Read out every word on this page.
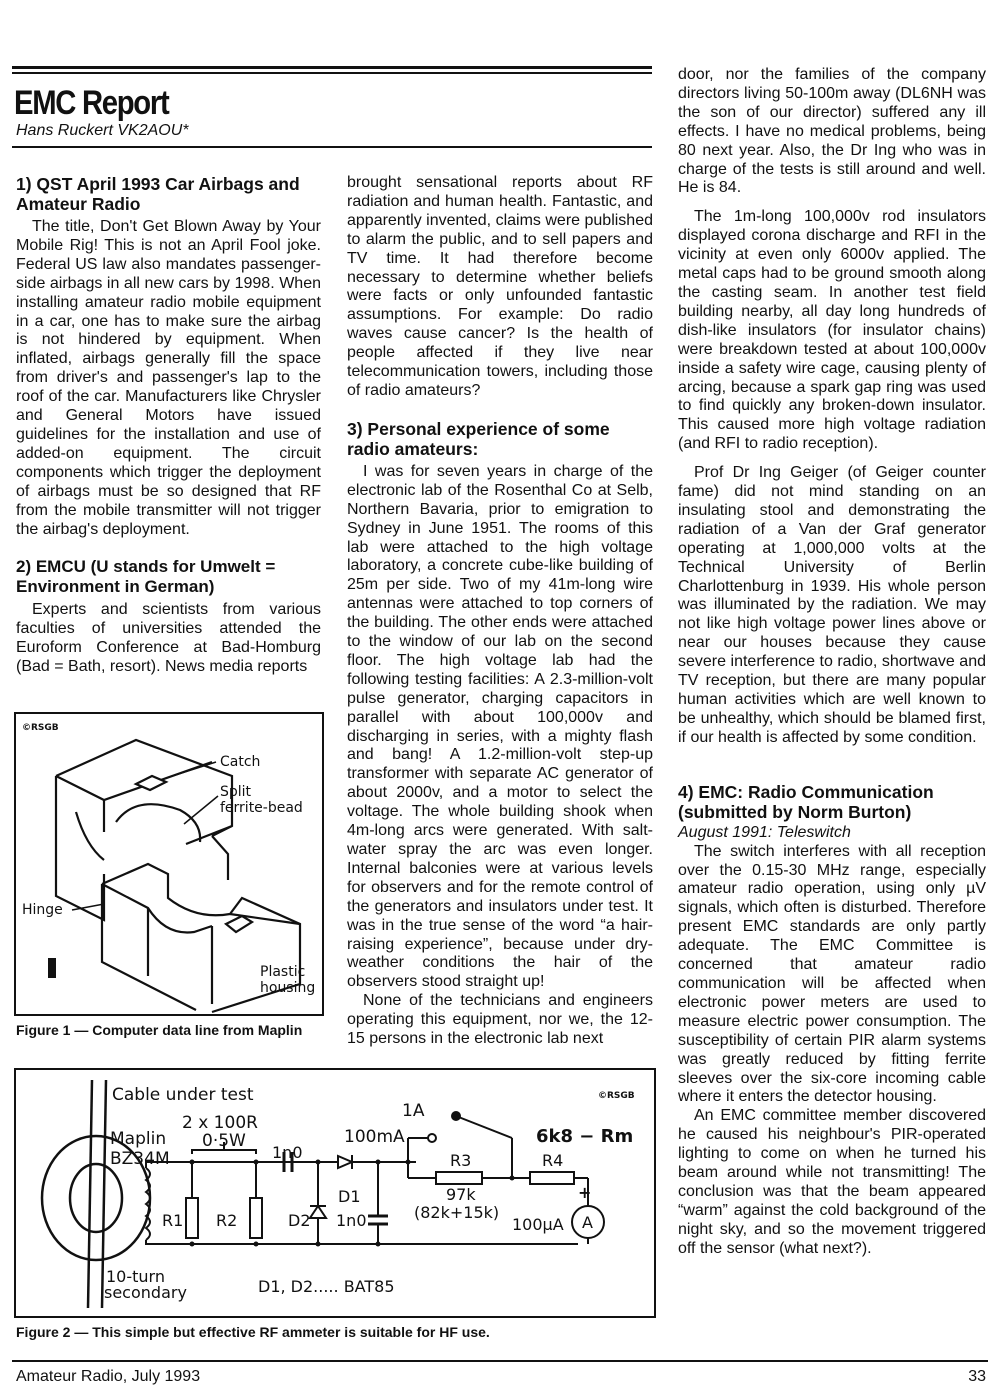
EMC Report
Hans Ruckert VK2AOU*
1) QST April 1993 Car Airbags and Amateur Radio

The title, Don't Get Blown Away by Your Mobile Rig! This is not an April Fool joke. Federal US law also mandates passenger-side airbags in all new cars by 1998. When installing amateur radio mobile equipment in a car, one has to make sure the airbag is not hindered by equipment. When inflated, airbags generally fill the space from driver's and passenger's lap to the roof of the car. Manufacturers like Chrysler and General Motors have issued guidelines for the installation and use of added-on equipment. The circuit components which trigger the deployment of airbags must be so designed that RF from the mobile transmitter will not trigger the airbag's deployment.

2) EMCU (U stands for Umwelt = Environment in German)

Experts and scientists from various faculties of universities attended the Euroform Conference at Bad-Homburg (Bad = Bath, resort). News media reports

©RSGB
Catch
Split
ferrite-bead
Hinge
Plastic
housing
Figure 1 — Computer data line from Maplin

brought sensational reports about RF radiation and human health. Fantastic, and apparently invented, claims were published to alarm the public, and to sell papers and TV time. It had therefore become necessary to determine whether beliefs were facts or only unfounded fantastic assumptions. For example: Do radio waves cause cancer? Is the health of people affected if they live near telecommunication towers, including those of radio amateurs?

3) Personal experience of some radio amateurs:

I was for seven years in charge of the electronic lab of the Rosenthal Co at Selb, Northern Bavaria, prior to emigration to Sydney in June 1951. The rooms of this lab were attached to the high voltage laboratory, a concrete cube-like building of 25m per side. Two of my 41m-long wire antennas were attached to top corners of the building. The other ends were attached to the window of our lab on the second floor. The high voltage lab had the following testing facilities: A 2.3-million-volt pulse generator, charging capacitors in parallel with about 100,000v and discharging in series, with a mighty flash and bang! A 1.2-million-volt step-up transformer with separate AC generator of about 2000v, and a motor to select the voltage. The whole building shook when 4m-long arcs were generated. With salt-water spray the arc was even longer. Internal balconies were at various levels for observers and for the remote control of the generators and insulators under test. It was in the true sense of the word “a hair-raising experience”, because under dry-weather conditions the hair of the observers stood straight up!

None of the technicians and engineers operating this equipment, nor we, the 12-15 persons in the electronic lab next

©RSGB
Cable under test
Maplin
BZ34M
2 x 100R
0·5W
1n0
1A
100mA	6k8 − Rm
R3	R4
97k
(82k+15k)
100µA A
+
R1 R2	D2
D1
1n0
10-turn
secondary	D1, D2..... BAT85
Figure 2 — This simple but effective RF ammeter is suitable for HF use.

door, nor the families of the company directors living 50-100m away (DL6NH was the son of our director) suffered any ill effects. I have no medical problems, being 80 next year. Also, the Dr Ing who was in charge of the tests is still around and well. He is 84.

The 1m-long 100,000v rod insulators displayed corona discharge and RFI in the vicinity at even only 6000v applied. The metal caps had to be ground smooth along the casting seam. In another test field building nearby, all day long hundreds of dish-like insulators (for insulator chains) were breakdown tested at about 100,000v inside a safety wire cage, causing plenty of arcing, because a spark gap ring was used to find quickly any broken-down insulator. This caused more high voltage radiation (and RFI to radio reception).

Prof Dr Ing Geiger (of Geiger counter fame) did not mind standing on an insulating stool and demonstrating the radiation of a Van der Graf generator operating at 1,000,000 volts at the Technical University of Berlin Charlottenburg in 1939. His whole person was illuminated by the radiation. We may not like high voltage power lines above or near our houses because they cause severe interference to radio, shortwave and TV reception, but there are many popular human activities which are well known to be unhealthy, which should be blamed first, if our health is affected by some condition.

4) EMC: Radio Communication (submitted by Norm Burton)

August 1991: Teleswitch

The switch interferes with all reception over the 0.15-30 MHz range, especially amateur radio operation, using only µV signals, which often is disturbed. Therefore present EMC standards are only partly adequate. The EMC Committee is concerned that amateur radio communication will be affected when electronic power meters are used to measure electric power consumption. The susceptibility of certain PIR alarm systems was greatly reduced by fitting ferrite sleeves over the six-core incoming cable where it enters the detector housing.

An EMC committee member discovered he caused his neighbour's PIR-operated lighting to come on when he turned his beam around while not transmitting! The conclusion was that the beam appeared “warm” against the cold background of the night sky, and so the movement triggered off the sensor (what next?).

Amateur Radio, July 1993	33
